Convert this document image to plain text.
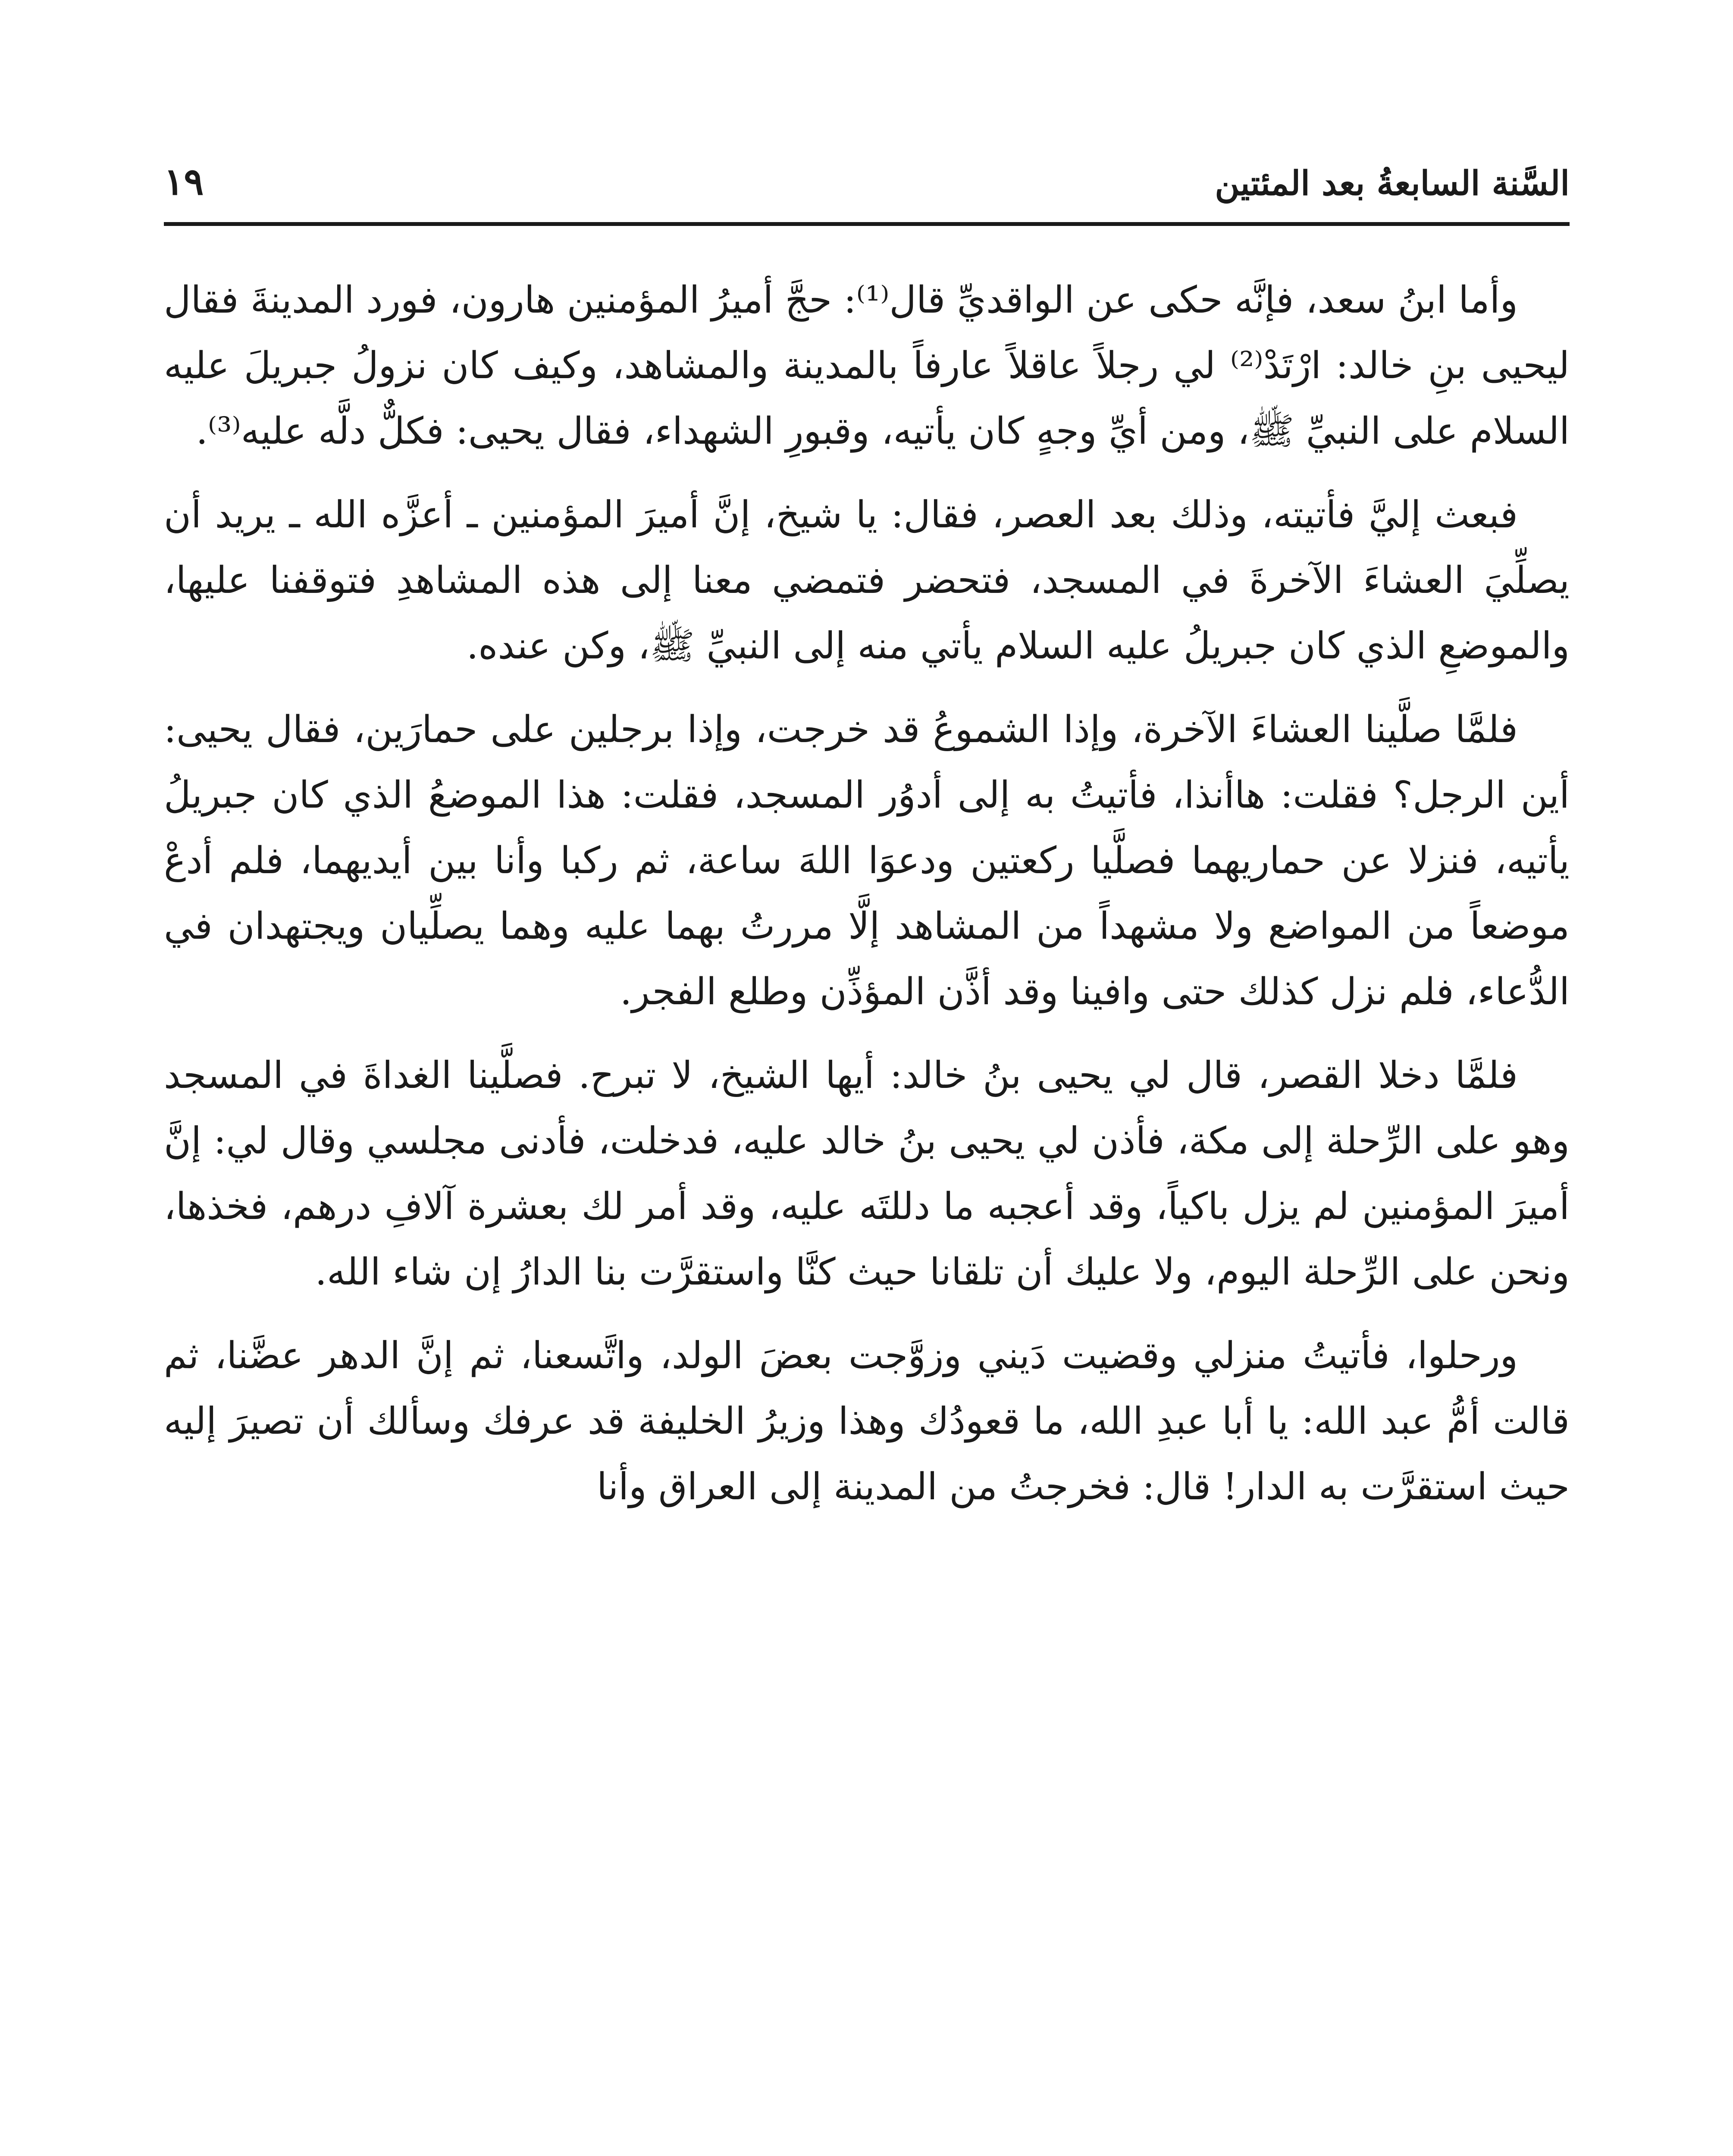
السَّنة السابعةُ بعد المئتين
١٩

وأما ابنُ سعد، فإنَّه حكى عن الواقديِّ قال⁽¹⁾: حجَّ أميرُ المؤمنين هارون، فورد المدينةَ فقال ليحيى بنِ خالد: ارْتَدْ⁽²⁾ لي رجلاً عاقلاً عارفاً بالمدينة والمشاهد، وكيف كان نزولُ جبريلَ عليه السلام على النبيِّ ﷺ، ومن أيِّ وجهٍ كان يأتيه، وقبورِ الشهداء، فقال يحيى: فكلٌّ دلَّه عليه⁽³⁾.

فبعث إليَّ فأتيته، وذلك بعد العصر، فقال: يا شيخ، إنَّ أميرَ المؤمنين ـ أعزَّه الله ـ يريد أن يصلِّيَ العشاءَ الآخرةَ في المسجد، فتحضر فتمضي معنا إلى هذه المشاهدِ فتوقفنا عليها، والموضعِ الذي كان جبريلُ عليه السلام يأتي منه إلى النبيِّ ﷺ، وكن عنده.

فلمَّا صلَّينا العشاءَ الآخرة، وإذا الشموعُ قد خرجت، وإذا برجلين على حمارَين، فقال يحيى: أين الرجل؟ فقلت: هاأنذا، فأتيتُ به إلى أدوُر المسجد، فقلت: هذا الموضعُ الذي كان جبريلُ يأتيه، فنزلا عن حماريهما فصلَّيا ركعتين ودعوَا اللهَ ساعة، ثم ركبا وأنا بين أيديهما، فلم أدعْ موضعاً من المواضع ولا مشهداً من المشاهد إلَّا مررتُ بهما عليه وهما يصلِّيان ويجتهدان في الدُّعاء، فلم نزل كذلك حتى وافينا وقد أذَّن المؤذِّن وطلع الفجر.

فلمَّا دخلا القصر، قال لي يحيى بنُ خالد: أيها الشيخ، لا تبرح. فصلَّينا الغداةَ في المسجد وهو على الرِّحلة إلى مكة، فأذن لي يحيى بنُ خالد عليه، فدخلت، فأدنى مجلسي وقال لي: إنَّ أميرَ المؤمنين لم يزل باكياً، وقد أعجبه ما دللتَه عليه، وقد أمر لك بعشرة آلافِ درهم، فخذها، ونحن على الرِّحلة اليوم، ولا عليك أن تلقانا حيث كنَّا واستقرَّت بنا الدارُ إن شاء الله.

ورحلوا، فأتيتُ منزلي وقضيت دَيني وزوَّجت بعضَ الولد، واتَّسعنا، ثم إنَّ الدهر عضَّنا، ثم قالت أمُّ عبد الله: يا أبا عبدِ الله، ما قعودُك وهذا وزيرُ الخليفة قد عرفك وسألك أن تصيرَ إليه حيث استقرَّت به الدار! قال: فخرجتُ من المدينة إلى العراق وأنا
